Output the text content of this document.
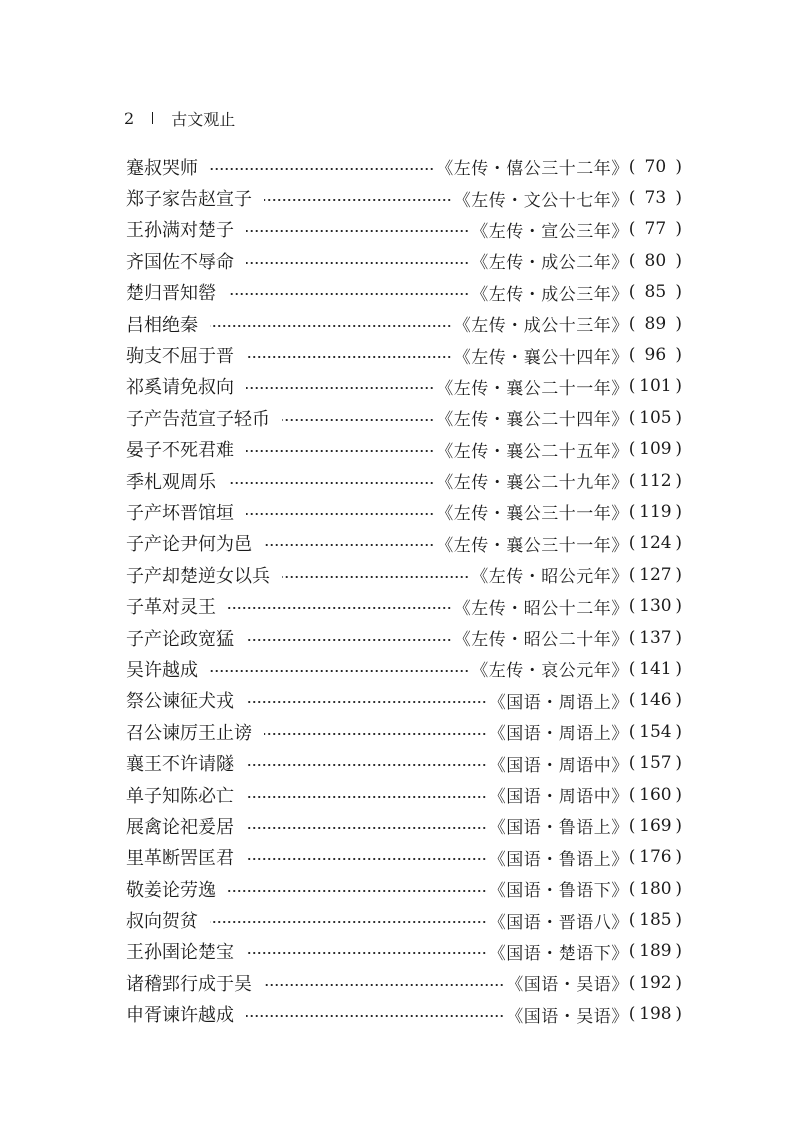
2 古文观止
蹇叔哭师	《左传・僖公三十二年》 ( 70 )
郑子家告赵宣子	《左传・文公十七年》 ( 73 )
王孙满对楚子	《左传・宣公三年》 ( 77 )
齐国佐不辱命	《左传・成公二年》 ( 80 )
楚归晋知罃	《左传・成公三年》 ( 85 )
吕相绝秦	《左传・成公十三年》 ( 89 )
驹支不屈于晋	《左传・襄公十四年》 ( 96 )
祁奚请免叔向	《左传・襄公二十一年》 ( 101 )
子产告范宣子轻币	《左传・襄公二十四年》 ( 105 )
晏子不死君难	《左传・襄公二十五年》 ( 109 )
季札观周乐	《左传・襄公二十九年》 ( 112 )
子产坏晋馆垣	《左传・襄公三十一年》 ( 119 )
子产论尹何为邑	《左传・襄公三十一年》 ( 124 )
子产却楚逆女以兵	《左传・昭公元年》 ( 127 )
子革对灵王	《左传・昭公十二年》 ( 130 )
子产论政宽猛	《左传・昭公二十年》 ( 137 )
吴许越成	《左传・哀公元年》 ( 141 )
祭公谏征犬戎	《国语・周语上》 ( 146 )
召公谏厉王止谤	《国语・周语上》 ( 154 )
襄王不许请隧	《国语・周语中》 ( 157 )
单子知陈必亡	《国语・周语中》 ( 160 )
展禽论祀爰居	《国语・鲁语上》 ( 169 )
里革断罟匡君	《国语・鲁语上》 ( 176 )
敬姜论劳逸	《国语・鲁语下》 ( 180 )
叔向贺贫	《国语・晋语八》 ( 185 )
王孙圉论楚宝	《国语・楚语下》 ( 189 )
诸稽郢行成于吴	《国语・吴语》 ( 192 )
申胥谏许越成	《国语・吴语》 ( 198 )
